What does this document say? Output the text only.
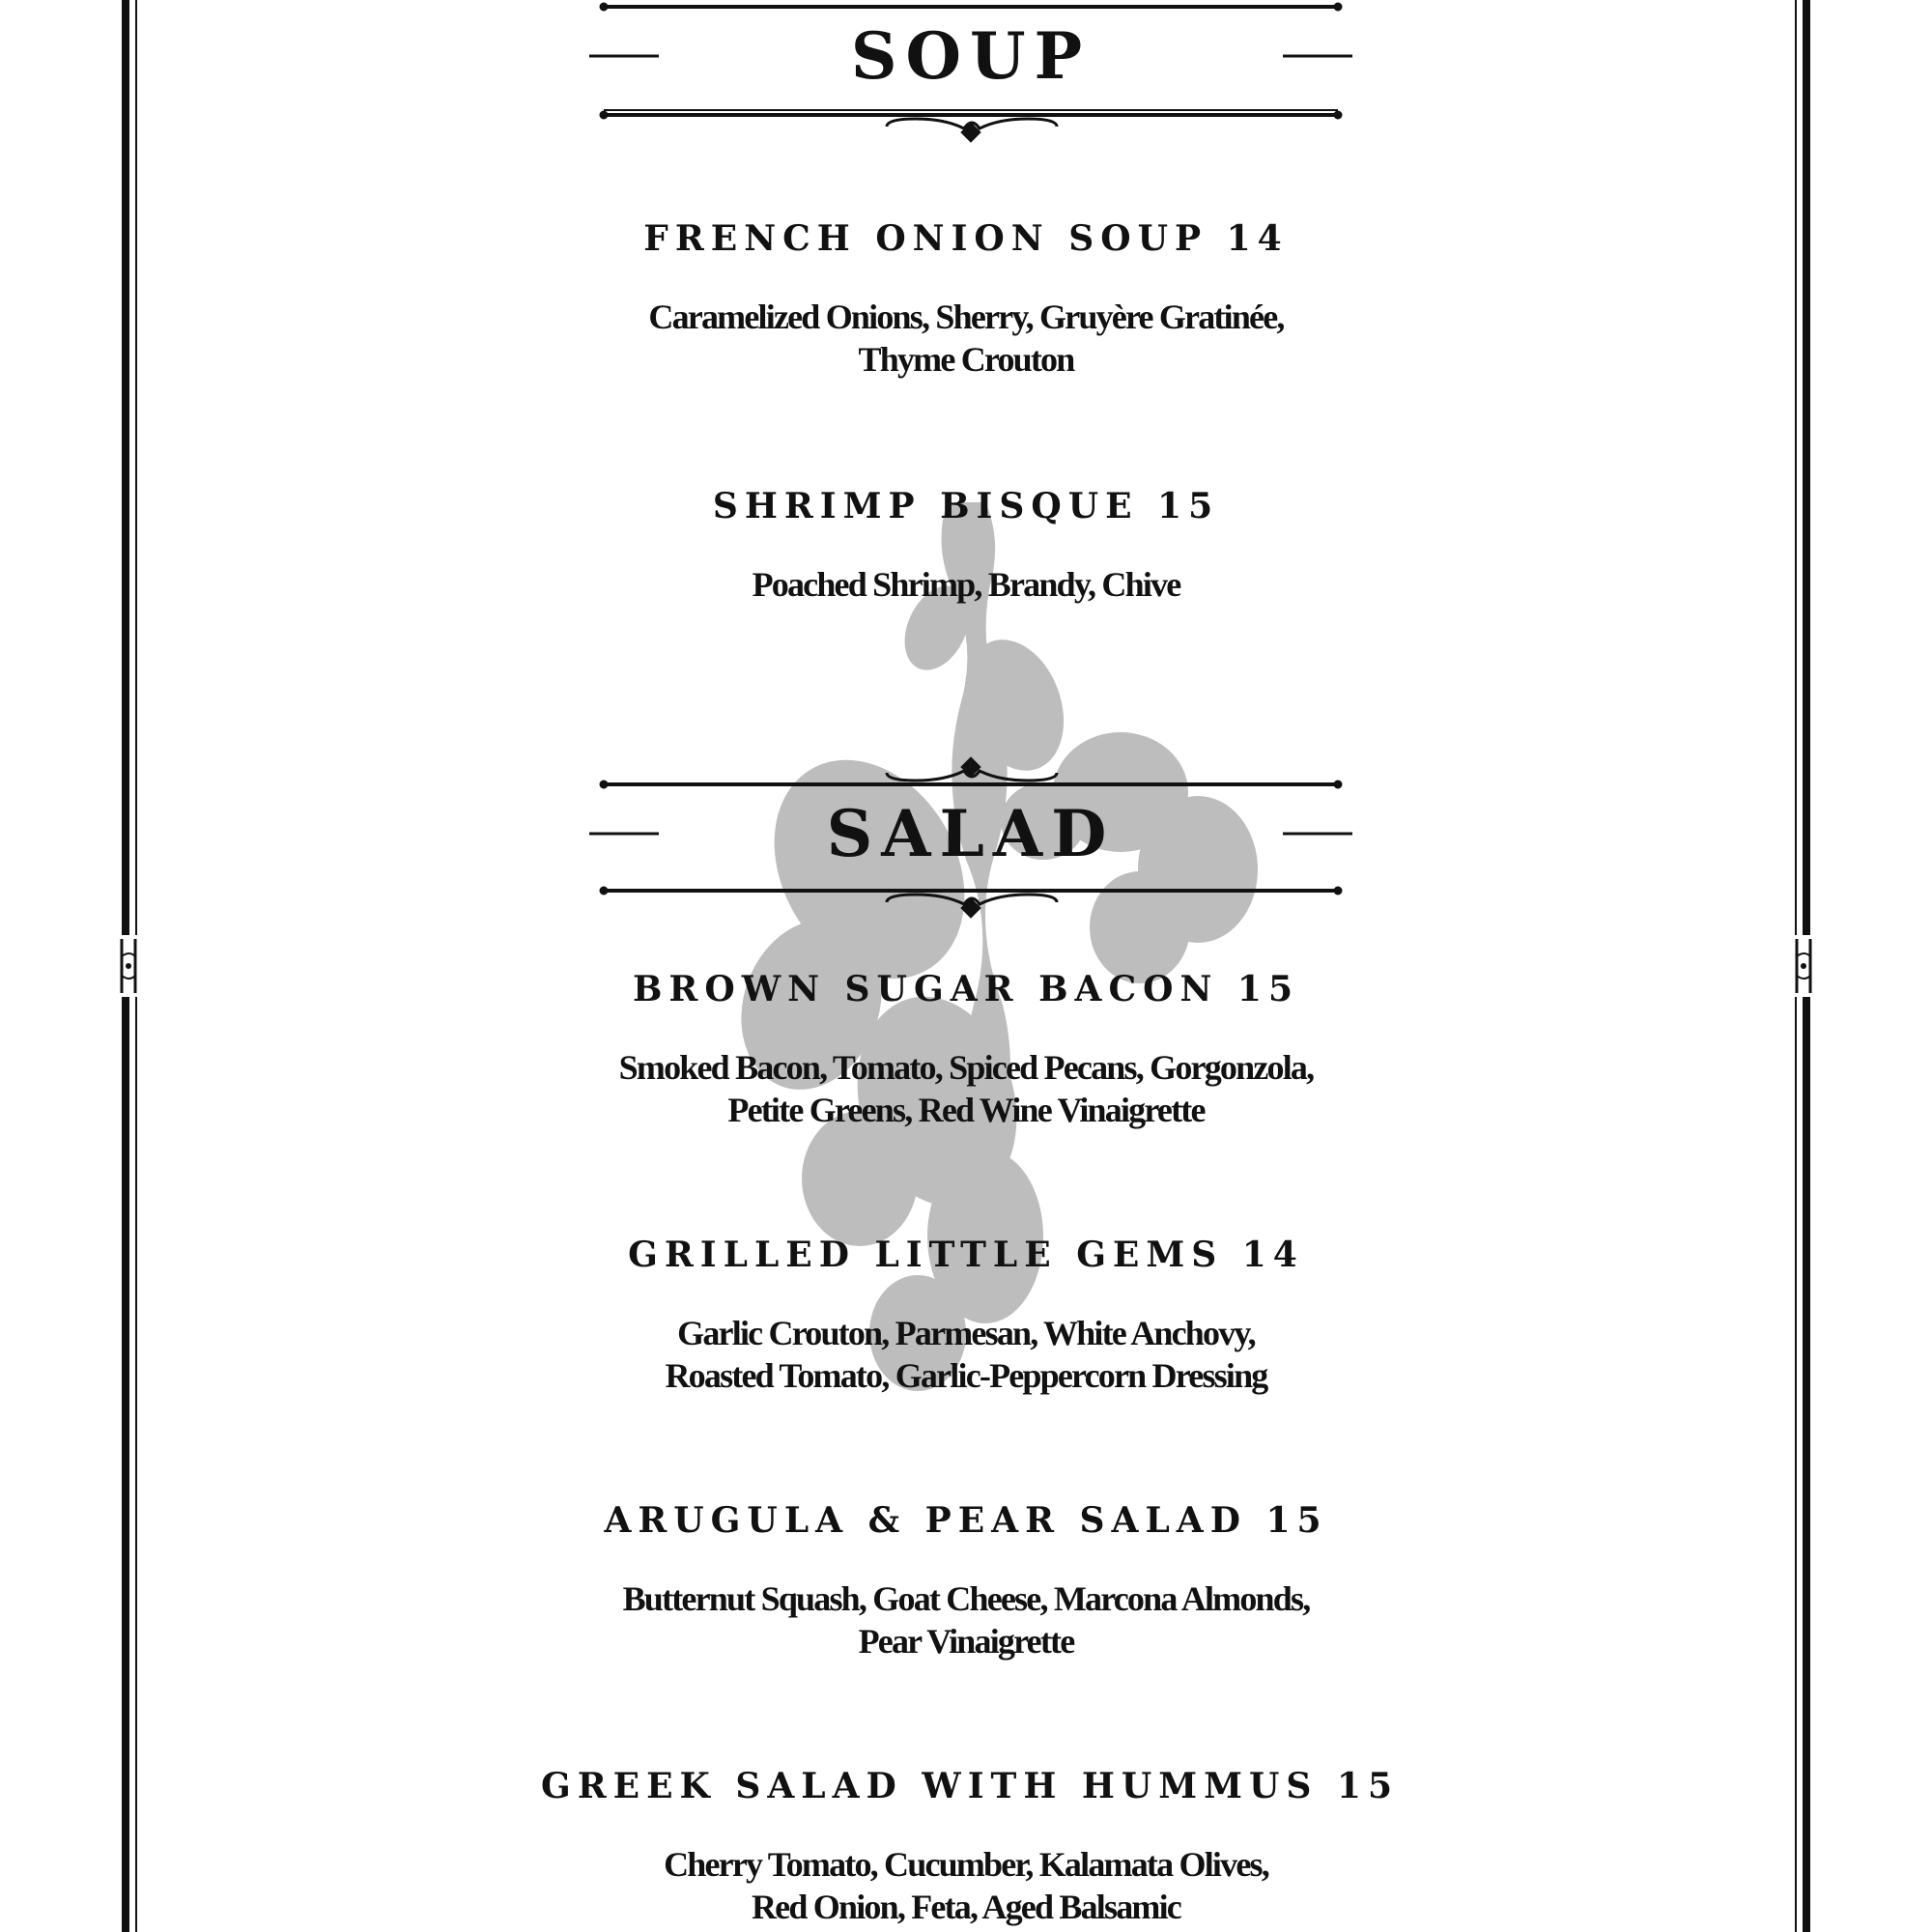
SOUP
FRENCH ONION SOUP 14
Caramelized Onions, Sherry, Gruyère Gratinée,
Thyme Crouton
SHRIMP BISQUE 15
Poached Shrimp, Brandy, Chive
SALAD
BROWN SUGAR BACON 15
Smoked Bacon, Tomato, Spiced Pecans, Gorgonzola,
Petite Greens, Red Wine Vinaigrette
GRILLED LITTLE GEMS 14
Garlic Crouton, Parmesan, White Anchovy,
Roasted Tomato, Garlic-Peppercorn Dressing
ARUGULA & PEAR SALAD 15
Butternut Squash, Goat Cheese, Marcona Almonds,
Pear Vinaigrette
GREEK SALAD WITH HUMMUS 15
Cherry Tomato, Cucumber, Kalamata Olives,
Red Onion, Feta, Aged Balsamic
